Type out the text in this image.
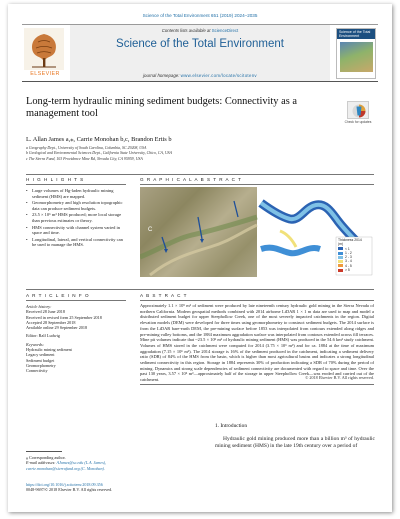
Science of the Total Environment 651 (2019) 2024–2035
ELSEVIER
Contents lists available at ScienceDirect
Science of the Total Environment
journal homepage: www.elsevier.com/locate/scitotenv
Science of the Total Environment
Long-term hydraulic mining sediment budgets: Connectivity as a management tool
Check for updates
L. Allan James a,⁎, Carrie Monohan b,c, Brandon Ertis b
a Geography Dept., University of South Carolina, Columbia, SC 29208, USA
b Geological and Environmental Sciences Dept., California State University, Chico, CA, USA
c The Sierra Fund, 103 Providence Mine Rd, Nevada City, CA 95959, USA
H I G H L I G H T S
• Large volumes of Hg-laden hydraulic mining sediment (HMS) are mapped.
• Geomorphometry and high resolution topographic data can produce sediment budgets.
• 23.5 × 10⁶ m³ HMS produced; more local storage than previous estimates or theory.
• HMS connectivity with channel system varied in space and time.
• Longitudinal, lateral, and vertical connectivity can be used to manage the HMS.
G R A P H I C A L A B S T R A C T
C
Thickness 2014
(m)
< 1
1 - 2
2 - 3
3 - 4
4 - 5
> 5
A R T I C L E I N F O
Article history:
Received 28 June 2018
Received in revised form 25 September 2018
Accepted 28 September 2018
Available online 29 September 2018
Editor: Ralf Ludwig
Keywords:
Hydraulic mining sediment
Legacy sediment
Sediment budget
Geomorphometry
Connectivity
A B S T R A C T
Approximately 1.1 × 10⁹ m³ of sediment were produced by late nineteenth century hydraulic gold mining in the Sierra Nevada of northern California. Modern geospatial methods combined with 2014 airborne LiDAR 1 × 1 m data are used to map and model a distributed sediment budget for upper Steephollow Creek, one of the most severely impacted catchments in the region. Digital elevation models (DEM) were developed for three times using geomorphometry to construct sediment budgets. The 2014 surface is from the LiDAR bare-earth DEM, the pre-mining surface before 1853 was interpolated from contours extended along ridges and pre-mining valley bottoms, and the 1884 maximum aggradation surface was interpolated from contours extended across fill terraces. Mine pit volumes indicate that ~23.5 × 10⁶ m³ of hydraulic mining sediment (HMS) was produced in the 54.6 km² study catchment. Volumes of HMS stored in the catchment were computed for 2014 (3.75 × 10⁶ m³) and for ca. 1884 at the time of maximum aggradation (7.15 × 10⁶ m³). The 2014 storage is 16% of the sediment produced in the catchment, indicating a sediment delivery ratio (SDR) of 84% of the HMS from the basin, which is higher than most agricultural basins and indicates a strong longitudinal sediment connectivity in this region. Storage in 1884 represents 30% of production indicating a SDR of 70% during the period of mining. Dynamics and strong scale dependencies of sediment connectivity are documented with regard to space and time. Over the past 130 years, 3.57 × 10⁶ m³—approximately half of the storage in upper Steephollow Creek—was eroded and carried out of the catchment.	© 2018 Elsevier B.V. All rights reserved.
1. Introduction
Hydraulic gold mining produced more than a billion m³ of hydraulic mining sediment (HMS) in the late 19th century over a period of
⁎ Corresponding author.
E-mail addresses: AJames@sc.edu (L.A. James), carrie.monohan@sierrafund.org (C. Monohan).
https://doi.org/10.1016/j.scitotenv.2018.09.356
0048-9697/© 2018 Elsevier B.V. All rights reserved.
